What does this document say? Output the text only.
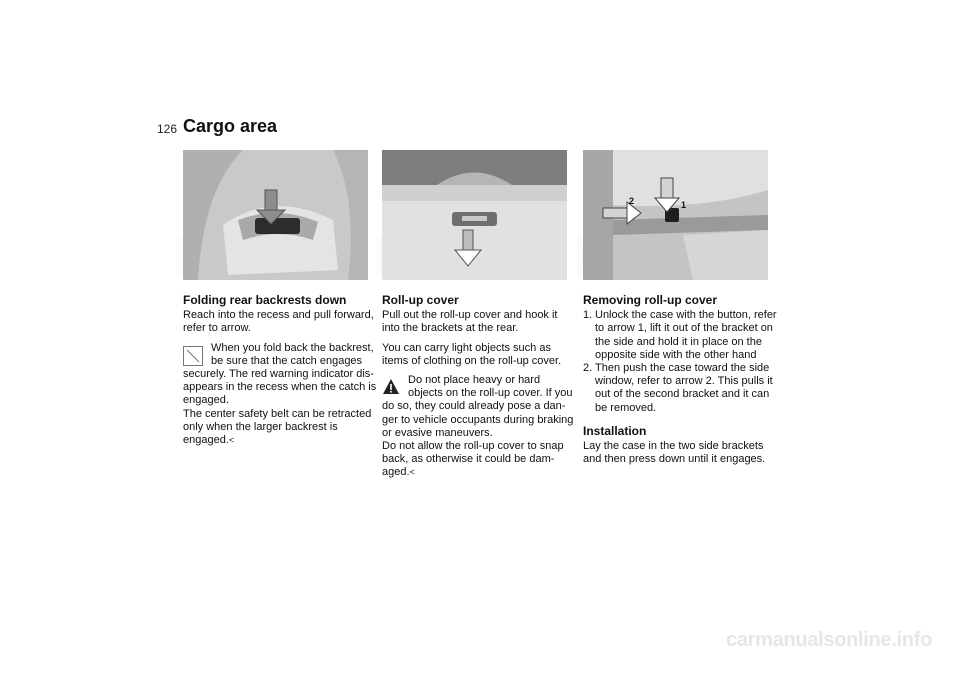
126 Cargo area
530de289	530de348
1
2
530de349
Folding rear backrests down
Reach into the recess and pull forward, refer to arrow.
When you fold back the backrest,
be sure that the catch engages
securely. The red warning indicator dis-
appears in the recess when the catch is
engaged.
The center safety belt can be retracted
only when the larger backrest is
engaged.<
Roll-up cover
Pull out the roll-up cover and hook it into the brackets at the rear.
You can carry light objects such as items of clothing on the roll-up cover.
Do not place heavy or hard
objects on the roll-up cover. If you
do so, they could already pose a dan-
ger to vehicle occupants during braking
or evasive maneuvers.
Do not allow the roll-up cover to snap
back, as otherwise it could be dam-
aged.<
Removing roll-up cover
1. Unlock the case with the button, refer to arrow 1, lift it out of the bracket on the side and hold it in place on the opposite side with the other hand
2. Then push the case toward the side window, refer to arrow 2. This pulls it out of the second bracket and it can be removed.
Installation
Lay the case in the two side brackets and then press down until it engages.
carmanualsonline.info
